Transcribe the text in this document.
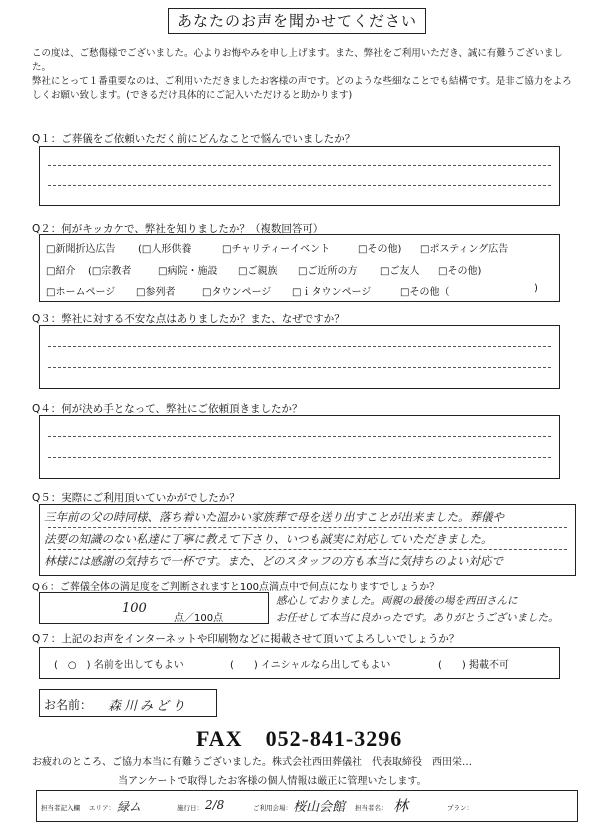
あなたのお声を聞かせてください
この度は、ご愁傷様でございました。心よりお悔やみを申し上げます。また、弊社をご利用いただき、誠に有難うございました。
弊社にとって１番重要なのは、ご利用いただきましたお客様の声です。どのような些細なことでも結構です。是非ご協力をよろしくお願い致します。(できるだけ具体的にご記入いただけると助かります)
Q１：ご葬儀をご依頼いただく前にどんなことで悩んでいましたか？
Q２：何がキッカケで、弊社を知りましたか？（複数回答可）
□新聞折込広告 (□人形供養	□チャリティーイベント	□その他) □ポスティング広告
□紹介 (□宗教者	□病院・施設 □ご親族 □ご近所の方 □ご友人 □その他)
□ホームページ □参列者	□タウンページ □ｉタウンページ	□その他（	)
Q３：弊社に対する不安な点はありましたか？また、なぜですか？
Q４：何が決め手となって、弊社にご依頼頂きましたか？
Q５：実際にご利用頂いていかがでしたか？
三年前の父の時同様、落ち着いた温かい家族葬で母を送り出すことが出来ました。葬儀や
法要の知識のない私達に丁寧に教えて下さり、いつも誠実に対応していただきました。
林様には感謝の気持ちで一杯です。また、どのスタッフの方も本当に気持ちのよい対応で
Q６：ご葬儀全体の満足度をご判断されますと100点満点中で何点になりますでしょうか？
100
点／100点
感心しておりました。両親の最後の場を西田さんに
お任せして本当に良かったです。ありがとうございました。
Q７：上記のお声をインターネットや印刷物などに掲載させて頂いてよろしいでしょうか？
(　○　) 名前を出してもよい	(　　) イニシャルなら出してもよい	(　　) 掲載不可
お名前： 森川みどり
FAX　052-841-3296
お疲れのところ、ご協力本当に有難うございました。株式会社西田葬儀社　代表取締役　西田栄…
当アンケートで取得したお客様の個人情報は厳正に管理いたします。
担当者記入欄 エリア： 緑ム	施行日： 2/8	ご利用会場： 桜山会館 担当者名： 林	プラン：
